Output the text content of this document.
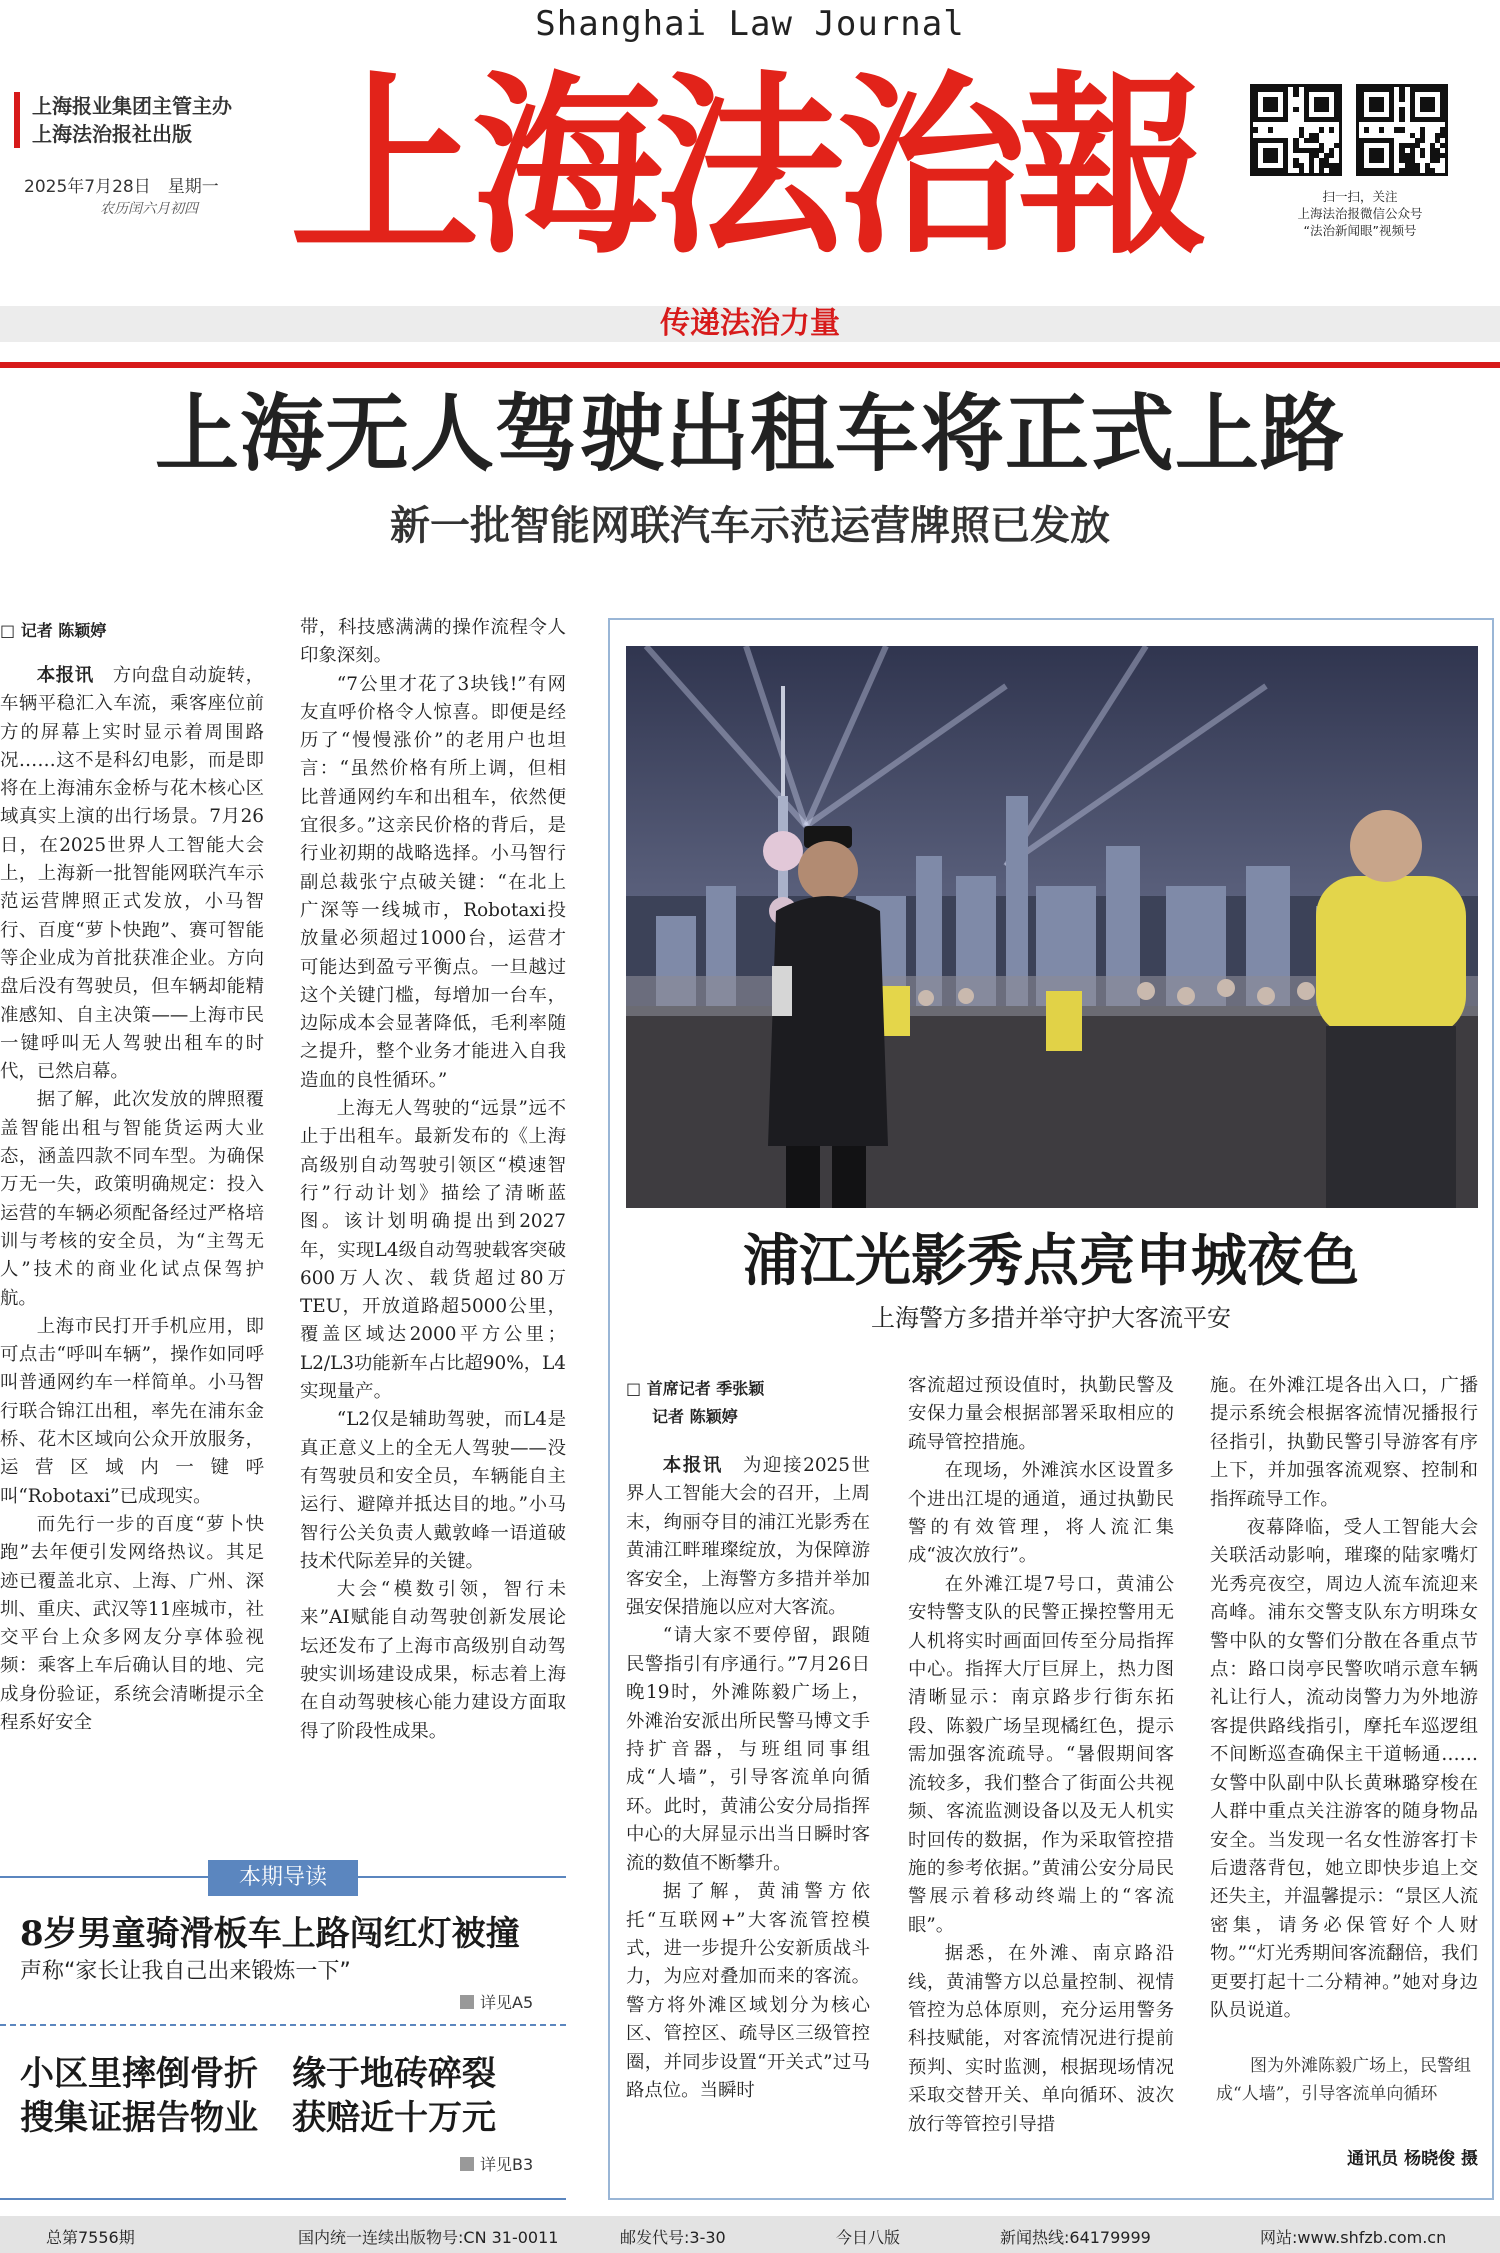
Shanghai Law Journal
上海报业集团主管主办
上海法治报社出版
2025年7月28日　星期一
农历闰六月初四 上海法治報	扫一扫，关注
上海法治报微信公众号
“法治新闻眼”视频号
传递法治力量
上海无人驾驶出租车将正式上路
新一批智能网联汽车示范运营牌照已发放
□ 记者 陈颖婷

本报讯　方向盘自动旋转，车辆平稳汇入车流，乘客座位前方的屏幕上实时显示着周围路况……这不是科幻电影，而是即将在上海浦东金桥与花木核心区域真实上演的出行场景。7月26日，在2025世界人工智能大会上，上海新一批智能网联汽车示范运营牌照正式发放，小马智行、百度“萝卜快跑”、赛可智能等企业成为首批获准企业。方向盘后没有驾驶员，但车辆却能精准感知、自主决策——上海市民一键呼叫无人驾驶出租车的时代，已然启幕。

据了解，此次发放的牌照覆盖智能出租与智能货运两大业态，涵盖四款不同车型。为确保万无一失，政策明确规定：投入运营的车辆必须配备经过严格培训与考核的安全员，为“主驾无人”技术的商业化试点保驾护航。

上海市民打开手机应用，即可点击“呼叫车辆”，操作如同呼叫普通网约车一样简单。小马智行联合锦江出租，率先在浦东金桥、花木区域向公众开放服务，运营区域内一键呼叫“Robotaxi”已成现实。

而先行一步的百度“萝卜快跑”去年便引发网络热议。其足迹已覆盖北京、上海、广州、深圳、重庆、武汉等11座城市，社交平台上众多网友分享体验视频：乘客上车后确认目的地、完成身份验证，系统会清晰提示全程系好安全

带，科技感满满的操作流程令人印象深刻。

“7公里才花了3块钱!”有网友直呼价格令人惊喜。即便是经历了“慢慢涨价”的老用户也坦言：“虽然价格有所上调，但相比普通网约车和出租车，依然便宜很多。”这亲民价格的背后，是行业初期的战略选择。小马智行副总裁张宁点破关键：“在北上广深等一线城市，Robotaxi投放量必须超过1000台，运营才可能达到盈亏平衡点。一旦越过这个关键门槛，每增加一台车，边际成本会显著降低，毛利率随之提升，整个业务才能进入自我造血的良性循环。”

上海无人驾驶的“远景”远不止于出租车。最新发布的《上海高级别自动驾驶引领区“模速智行”行动计划》描绘了清晰蓝图。该计划明确提出到2027年，实现L4级自动驾驶载客突破600万人次、载货超过80万TEU，开放道路超5000公里，覆盖区域达2000平方公里；L2/L3功能新车占比超90%，L4实现量产。

“L2仅是辅助驾驶，而L4是真正意义上的全无人驾驶——没有驾驶员和安全员，车辆能自主运行、避障并抵达目的地。”小马智行公关负责人戴敦峰一语道破技术代际差异的关键。

大会“模数引领，智行未来”AI赋能自动驾驶创新发展论坛还发布了上海市高级别自动驾驶实训场建设成果，标志着上海在自动驾驶核心能力建设方面取得了阶段性成果。

浦江光影秀点亮申城夜色
上海警方多措并举守护大客流平安
□ 首席记者 季张颖
记者 陈颖婷

本报讯　为迎接2025世界人工智能大会的召开，上周末，绚丽夺目的浦江光影秀在黄浦江畔璀璨绽放，为保障游客安全，上海警方多措并举加强安保措施以应对大客流。

“请大家不要停留，跟随民警指引有序通行。”7月26日晚19时，外滩陈毅广场上，外滩治安派出所民警马博文手持扩音器，与班组同事组成“人墙”，引导客流单向循环。此时，黄浦公安分局指挥中心的大屏显示出当日瞬时客流的数值不断攀升。

据了解，黄浦警方依托“互联网+”大客流管控模式，进一步提升公安新质战斗力，为应对叠加而来的客流。警方将外滩区域划分为核心区、管控区、疏导区三级管控圈，并同步设置“开关式”过马路点位。当瞬时

客流超过预设值时，执勤民警及安保力量会根据部署采取相应的疏导管控措施。

在现场，外滩滨水区设置多个进出江堤的通道，通过执勤民警的有效管理，将人流汇集成“波次放行”。

在外滩江堤7号口，黄浦公安特警支队的民警正操控警用无人机将实时画面回传至分局指挥中心。指挥大厅巨屏上，热力图清晰显示：南京路步行街东拓段、陈毅广场呈现橘红色，提示需加强客流疏导。“暑假期间客流较多，我们整合了街面公共视频、客流监测设备以及无人机实时回传的数据，作为采取管控措施的参考依据。”黄浦公安分局民警展示着移动终端上的“客流眼”。

据悉，在外滩、南京路沿线，黄浦警方以总量控制、视情管控为总体原则，充分运用警务科技赋能，对客流情况进行提前预判、实时监测，根据现场情况采取交替开关、单向循环、波次放行等管控引导措

施。在外滩江堤各出入口，广播提示系统会根据客流情况播报行径指引，执勤民警引导游客有序上下，并加强客流观察、控制和指挥疏导工作。

夜幕降临，受人工智能大会关联活动影响，璀璨的陆家嘴灯光秀亮夜空，周边人流车流迎来高峰。浦东交警支队东方明珠女警中队的女警们分散在各重点节点：路口岗亭民警吹哨示意车辆礼让行人，流动岗警力为外地游客提供路线指引，摩托车巡逻组不间断巡查确保主干道畅通……女警中队副中队长黄琳璐穿梭在人群中重点关注游客的随身物品安全。当发现一名女性游客打卡后遗落背包，她立即快步追上交还失主，并温馨提示：“景区人流密集，请务必保管好个人财物。”“灯光秀期间客流翻倍，我们更要打起十二分精神。”她对身边队员说道。

图为外滩陈毅广场上，民警组成“人墙”，引导客流单向循环
通讯员 杨晓俊 摄
本期导读
8岁男童骑滑板车上路闯红灯被撞
声称“家长让我自己出来锻炼一下”
详见A5
小区里摔倒骨折　缘于地砖碎裂
搜集证据告物业　获赔近十万元
详见B3
总第7556期	国内统一连续出版物号:CN 31-0011	邮发代号:3-30	今日八版	新闻热线:64179999	网站:www.shfzb.com.cn
